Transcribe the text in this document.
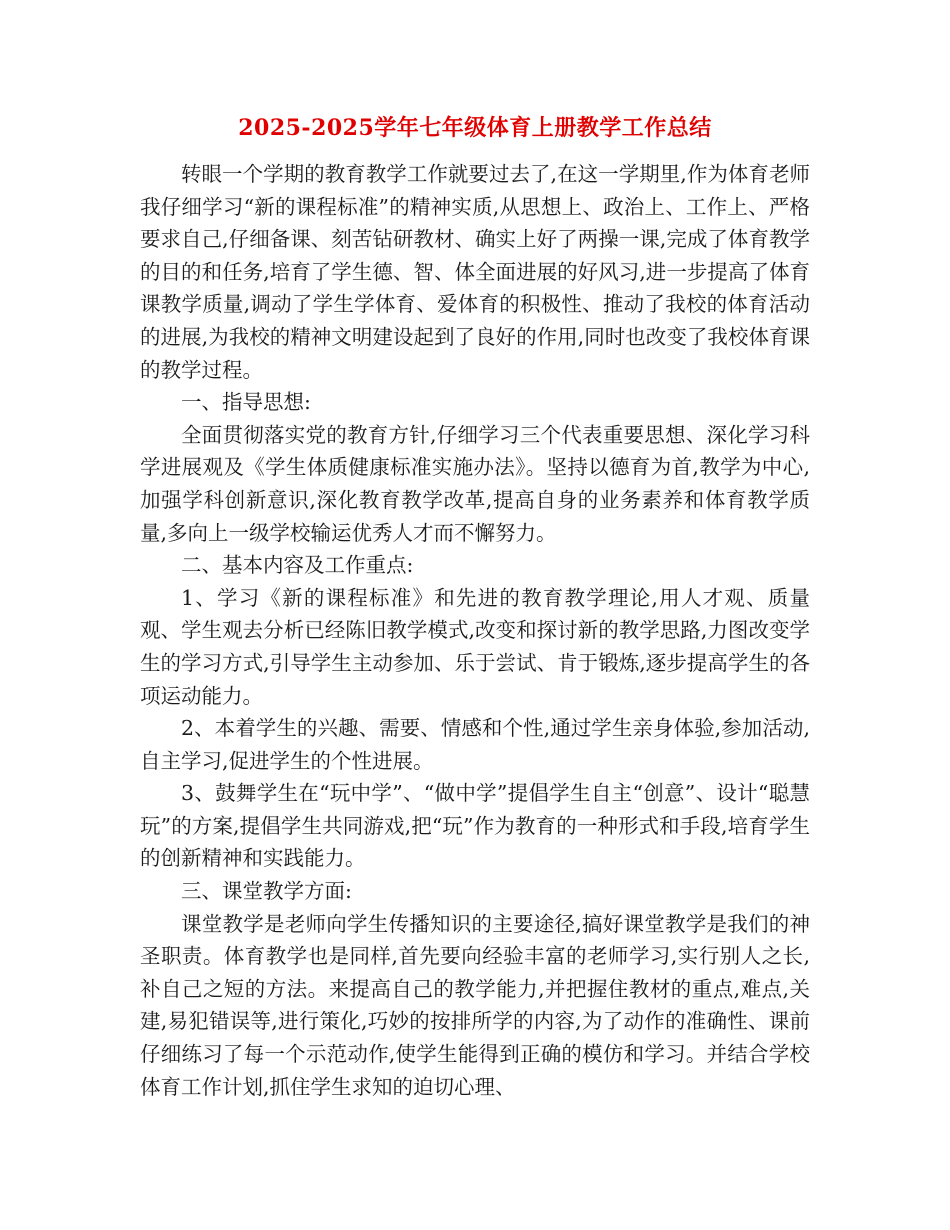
2025-2025学年七年级体育上册教学工作总结

转眼一个学期的教育教学工作就要过去了,在这一学期里,作为体育老师我仔细学习“新的课程标准”的精神实质,从思想上、政治上、工作上、严格要求自己,仔细备课、刻苦钻研教材、确实上好了两操一课,完成了体育教学的目的和任务,培育了学生德、智、体全面进展的好风习,进一步提高了体育课教学质量,调动了学生学体育、爱体育的积极性、推动了我校的体育活动的进展,为我校的精神文明建设起到了良好的作用,同时也改变了我校体育课的教学过程。

一、指导思想:

全面贯彻落实党的教育方针,仔细学习三个代表重要思想、深化学习科学进展观及《学生体质健康标准实施办法》。坚持以德育为首,教学为中心,加强学科创新意识,深化教育教学改革,提高自身的业务素养和体育教学质量,多向上一级学校输运优秀人才而不懈努力。

二、基本内容及工作重点:

1、学习《新的课程标准》和先进的教育教学理论,用人才观、质量观、学生观去分析已经陈旧教学模式,改变和探讨新的教学思路,力图改变学生的学习方式,引导学生主动参加、乐于尝试、肯于锻炼,逐步提高学生的各项运动能力。

2、本着学生的兴趣、需要、情感和个性,通过学生亲身体验,参加活动,自主学习,促进学生的个性进展。

3、鼓舞学生在“玩中学”、“做中学”提倡学生自主“创意”、设计“聪慧玩”的方案,提倡学生共同游戏,把“玩”作为教育的一种形式和手段,培育学生的创新精神和实践能力。

三、课堂教学方面:

课堂教学是老师向学生传播知识的主要途径,搞好课堂教学是我们的神圣职责。体育教学也是同样,首先要向经验丰富的老师学习,实行别人之长,补自己之短的方法。来提高自己的教学能力,并把握住教材的重点,难点,关建,易犯错误等,进行策化,巧妙的按排所学的内容,为了动作的准确性、课前仔细练习了每一个示范动作,使学生能得到正确的模仿和学习。并结合学校体育工作计划,抓住学生求知的迫切心理、
